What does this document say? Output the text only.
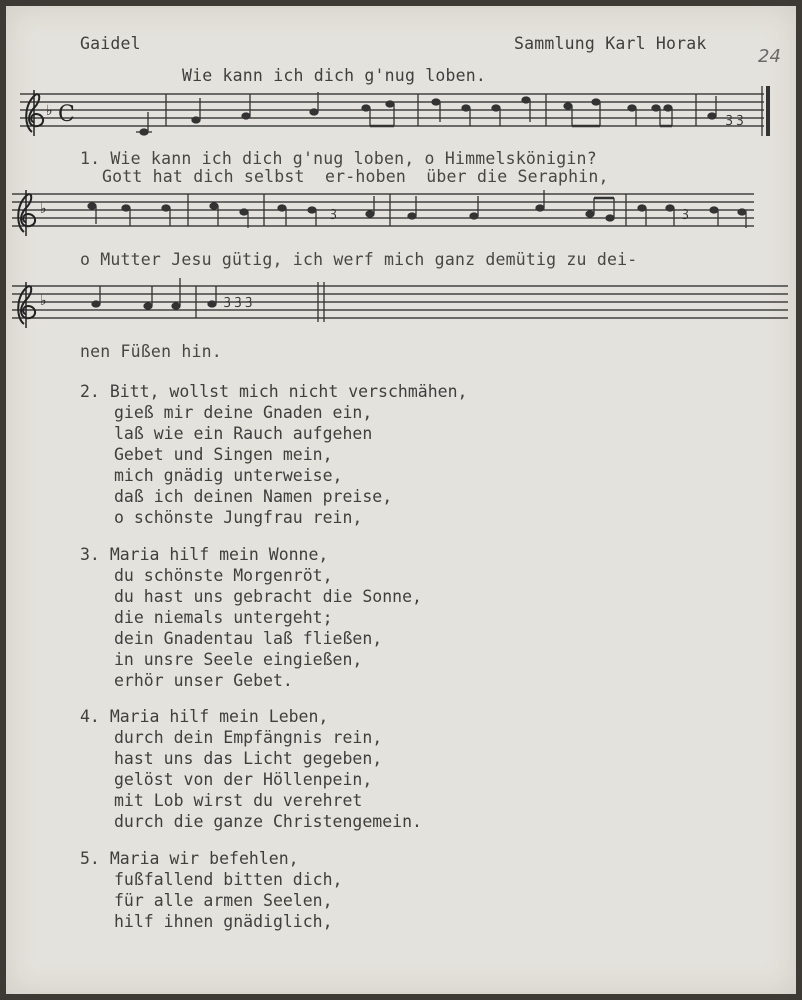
Gaidel	Sammlung Karl Horak
24
Wie kann ich dich g'nug loben.
♭ C	ꝫ ꝫ
1. Wie kann ich dich g'nug loben, o Himmelskönigin?
Gott hat dich selbst  er-hoben  über die Seraphin,
♭	ꝫ	ꝫ
o Mutter Jesu gütig, ich werf mich ganz demütig zu dei-
♭	ꝫ ꝫ ꝫ
nen Füßen hin.
2. Bitt, wollst mich nicht verschmähen,
gieß mir deine Gnaden ein,
laß wie ein Rauch aufgehen
Gebet und Singen mein,
mich gnädig unterweise,
daß ich deinen Namen preise,
o schönste Jungfrau rein,
3. Maria hilf mein Wonne,
du schönste Morgenröt,
du hast uns gebracht die Sonne,
die niemals untergeht;
dein Gnadentau laß fließen,
in unsre Seele eingießen,
erhör unser Gebet.
4. Maria hilf mein Leben,
durch dein Empfängnis rein,
hast uns das Licht gegeben,
gelöst von der Höllenpein,
mit Lob wirst du verehret
durch die ganze Christengemein.
5. Maria wir befehlen,
fußfallend bitten dich,
für alle armen Seelen,
hilf ihnen gnädiglich,
